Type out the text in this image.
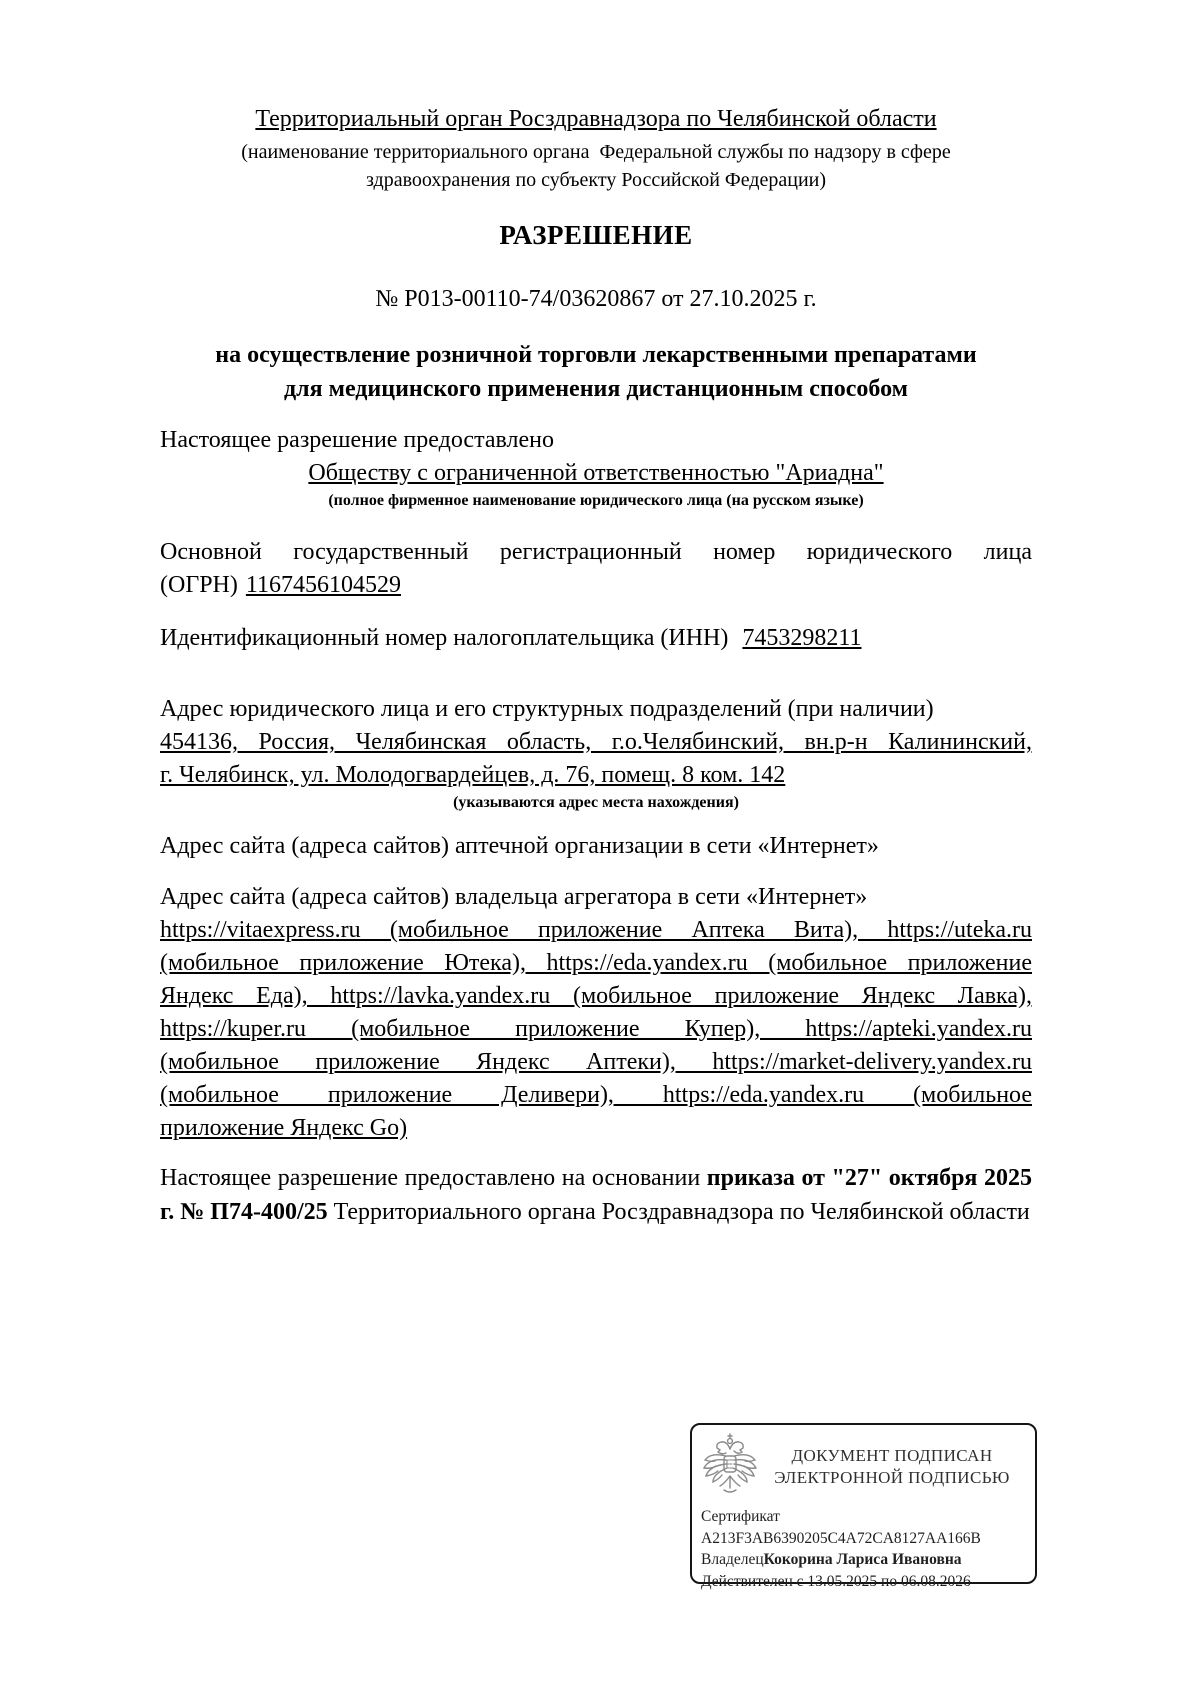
Территориальный орган Росздравнадзора по Челябинской области
(наименование территориального органа  Федеральной службы по надзору в сфере
здравоохранения по субъекту Российской Федерации)
РАЗРЕШЕНИЕ
№ Р013-00110-74/03620867 от 27.10.2025 г.
на осуществление розничной торговли лекарственными препаратами
для медицинского применения дистанционным способом
Настоящее разрешение предоставлено
Обществу с ограниченной ответственностью "Ариадна"
(полное фирменное наименование юридического лица (на русском языке)
Основной государственный регистрационный номер юридического лица
(ОГРН) 1167456104529
Идентификационный номер налогоплательщика (ИНН) 7453298211
Адрес юридического лица и его структурных подразделений (при наличии)
454136, Россия, Челябинская область, г.о.Челябинский, вн.р-н Калининский,
г. Челябинск, ул. Молодогвардейцев, д. 76, помещ. 8 ком. 142
(указываются адрес места нахождения)
Адрес сайта (адреса сайтов) аптечной организации в сети «Интернет»
Адрес сайта (адреса сайтов) владельца агрегатора в сети «Интернет»
https://vitaexpress.ru (мобильное приложение Аптека Вита), https://uteka.ru
(мобильное приложение Ютека), https://eda.yandex.ru (мобильное приложение
Яндекс Еда), https://lavka.yandex.ru (мобильное приложение Яндекс Лавка),
https://kuper.ru (мобильное приложение Купер), https://apteki.yandex.ru
(мобильное приложение Яндекс Аптеки), https://market-delivery.yandex.ru
(мобильное приложение Деливери), https://eda.yandex.ru (мобильное
приложение Яндекс Go)
Настоящее разрешение предоставлено на основании приказа от "27" октября 2025 г. № П74-400/25 Территориального органа Росздравнадзора по Челябинской области
ДОКУМЕНТ ПОДПИСАН
ЭЛЕКТРОННОЙ ПОДПИСЬЮ
Сертификат A213F3AB6390205C4A72CA8127AA166B
ВладелецКокорина Лариса Ивановна
Действителен с 13.05.2025 по 06.08.2026
